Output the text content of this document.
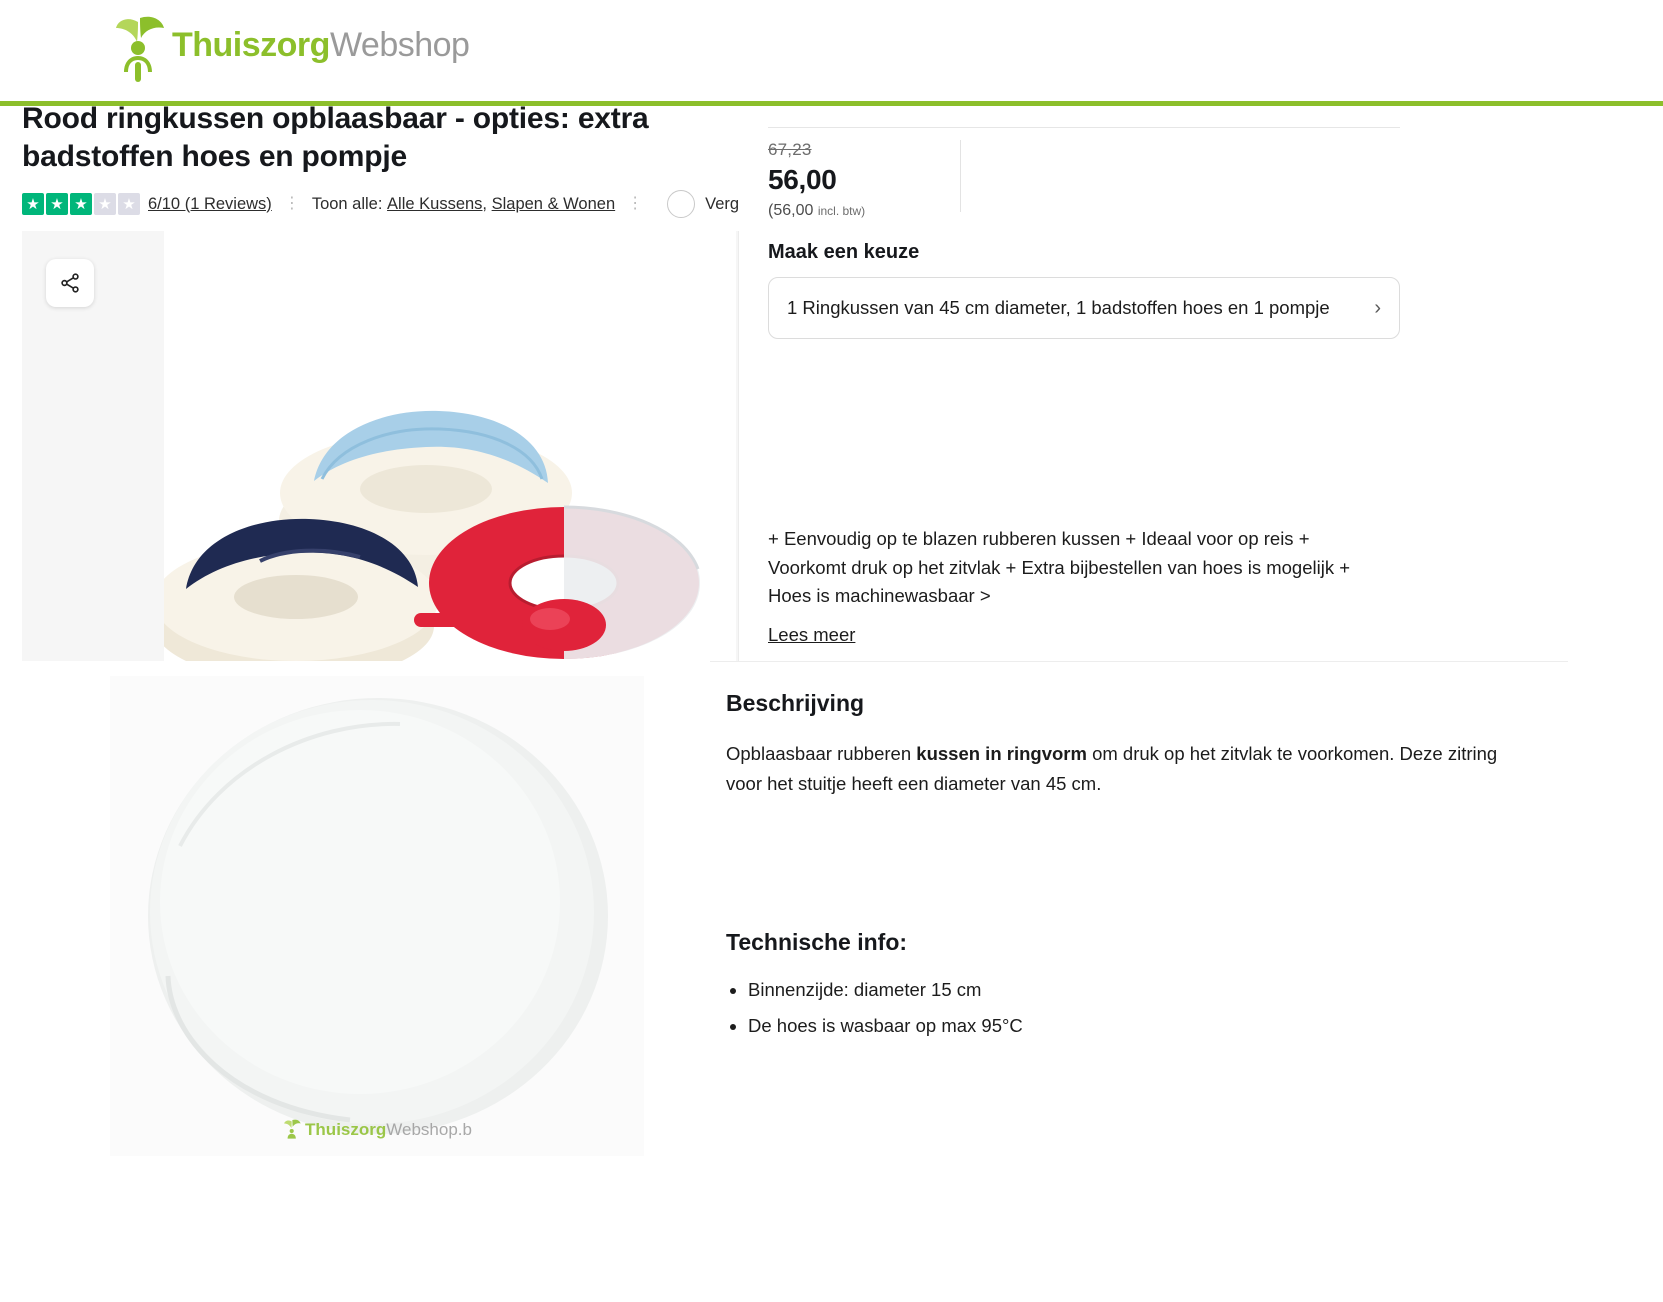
ThuiszorgWebshop
Rood ringkussen opblaasbaar - opties: extra badstoffen hoes en pompje
★ ★ ★ ★ ★ 6/10 (1 Reviews) ⋮ Toon alle:
Alle Kussens,
Slapen & Wonen ⋮	Verg
ThuiszorgWebshop.b
67,23
56,00
(56,00 incl. btw)
Maak een keuze
1 Ringkussen van 45 cm diameter, 1 badstoffen hoes en 1 pompje	›
+ Eenvoudig op te blazen rubberen kussen + Ideaal voor op reis + Voorkomt druk op het zitvlak + Extra bijbestellen van hoes is mogelijk + Hoes is machinewasbaar >
Lees meer
Beschrijving

Opblaasbaar rubberen kussen in ringvorm om druk op het zitvlak te voorkomen. Deze zitring voor het stuitje heeft een diameter van 45 cm.

Technische info:
• Binnenzijde: diameter 15 cm
• De hoes is wasbaar op max 95°C
